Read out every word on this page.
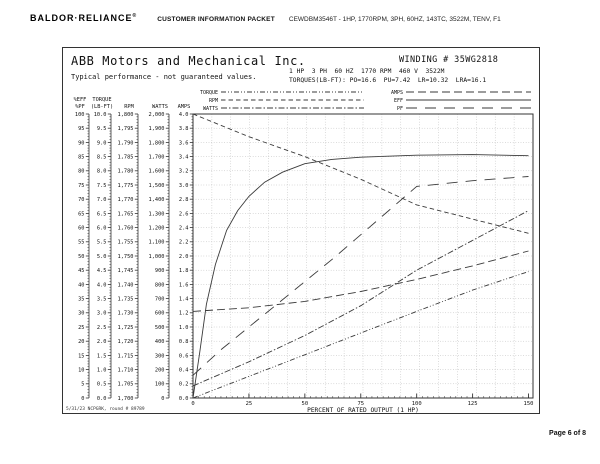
BALDOR·RELIANCE®	CUSTOMER INFORMATION PACKET CEWDBM3546T - 1HP, 1770RPM, 3PH, 60HZ, 143TC, 3522M, TENV, F1
100
95
90
85
80
75
70
65
60
55
50
45
40
35
30
25
20
15
10
5
0
%EFF
%PF
10.0
9.5
9.0
8.5
8.0
7.5
7.0
6.5
6.0
5.5
5.0
4.5
4.0
3.5
3.0
2.5
2.0
1.5
1.0
0.5
0.0
TORQUE
(LB-FT)
1,800
1,795
1,790
1,785
1,780
1,775
1,770
1,765
1,760
1,755
1,750
1,745
1,740
1,735
1,730
1,725
1,720
1,715
1,710
1,705
1,700
RPM
2,000
1,900
1,800
1,700
1,600
1,500
1,400
1,300
1,200
1,100
1,000
900
800
700
600
500
400
300
200
100
0
WATTS
4.0
3.8
3.6
3.4
3.2
3.0
2.8
2.6
2.4
2.2
2.0
1.8
1.6
1.4
1.2
1.0
0.8
0.6
0.4
0.2
0.0
AMPS
0	25	50	75	100	125	150
PERCENT OF RATED OUTPUT (1 HP)
TORQUE
RPM
WATTS
AMPS
EFF
PF
ABB Motors and Mechanical Inc.	WINDING # 35WG2818
Typical performance - not guaranteed values.
1 HP  3 PH  60 HZ  1770 RPM  460 V  3522M
TORQUES(LB-FT): PO=16.6  PU=7.42  LR=10.32  LRA=16.1
5/31/23 NCPGRK, round # 89789
Page 6 of 8
